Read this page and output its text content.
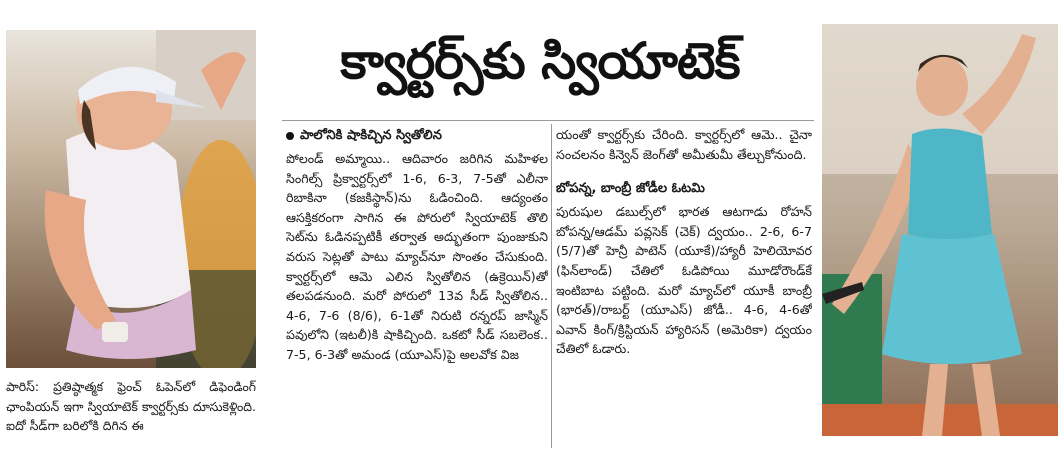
క్వార్టర్స్‌కు స్వియాటెక్
పాలోనికి షాకిచ్చిన స్వితోలిన

పోలండ్ అమ్మాయి.. ఆదివారం జరిగిన మహిళల సింగిల్స్ ప్రిక్వార్టర్స్‌లో 1-6, 6-3, 7-5తో ఎలీనా రిబాకినా (కజకిస్థాన్)ను ఓడించింది. ఆద్యంతం ఆసక్తికరంగా సాగిన ఈ పోరులో స్వియాటెక్ తొలి సెట్‌ను ఓడినప్పటికీ తర్వాత అద్భుతంగా పుంజుకుని వరుస సెట్లతో పాటు మ్యాచ్‌నూ సొంతం చేసుకుంది. క్వార్టర్స్‌లో ఆమె ఎలిన స్వితోలిన (ఉక్రెయిన్)తో తలపడనుంది. మరో పోరులో 13వ సీడ్ స్వితోలిన.. 4-6, 7-6 (8/6), 6-1తో నిరుటి రన్నరప్ జాస్మిన్ పవులోని (ఇటలీ)కి షాకిచ్చింది. ఒకటో సీడ్ సబలెంక.. 7-5, 6-3తో అమండ (యూఎస్)పై అలవోక విజ

యంతో క్వార్టర్స్‌కు చేరింది. క్వార్టర్స్‌లో ఆమె.. చైనా సంచలనం కిన్వెన్ జెంగ్‌తో అమీతుమీ తేల్చుకోనుంది.

బోపన్న, బాంబ్రీ జోడీల ఓటమి

పురుషుల డబుల్స్‌లో భారత ఆటగాడు రోహన్ బోపన్న/ఆడమ్ పవ్లసెక్ (చెక్) ద్వయం.. 2-6, 6-7 (5/7)తో హెన్రీ పాటెన్ (యూకే)/హ్యారీ హెలియోవర (ఫిన్‌లాండ్) చేతిలో ఓడిపోయి మూడోరౌండ్‌కే ఇంటిబాట పట్టింది. మరో మ్యాచ్‌లో యూకీ బాంబ్రీ (భారత్)/రాబర్ట్ (యూఎస్) జోడీ.. 4-6, 4-6తో ఎవాన్ కింగ్/క్రిస్టియన్ హ్యారిసన్ (అమెరికా) ద్వయం చేతిలో ఓడారు.

పారిస్: ప్రతిష్ఠాత్మక ఫ్రెంచ్ ఓపెన్‌లో డిఫెండింగ్ ఛాంపియన్ ఇగా స్వియాటెక్ క్వార్టర్స్‌కు దూసుకెళ్లింది. ఐదో సీడ్‌గా బరిలోకి దిగిన ఈ
